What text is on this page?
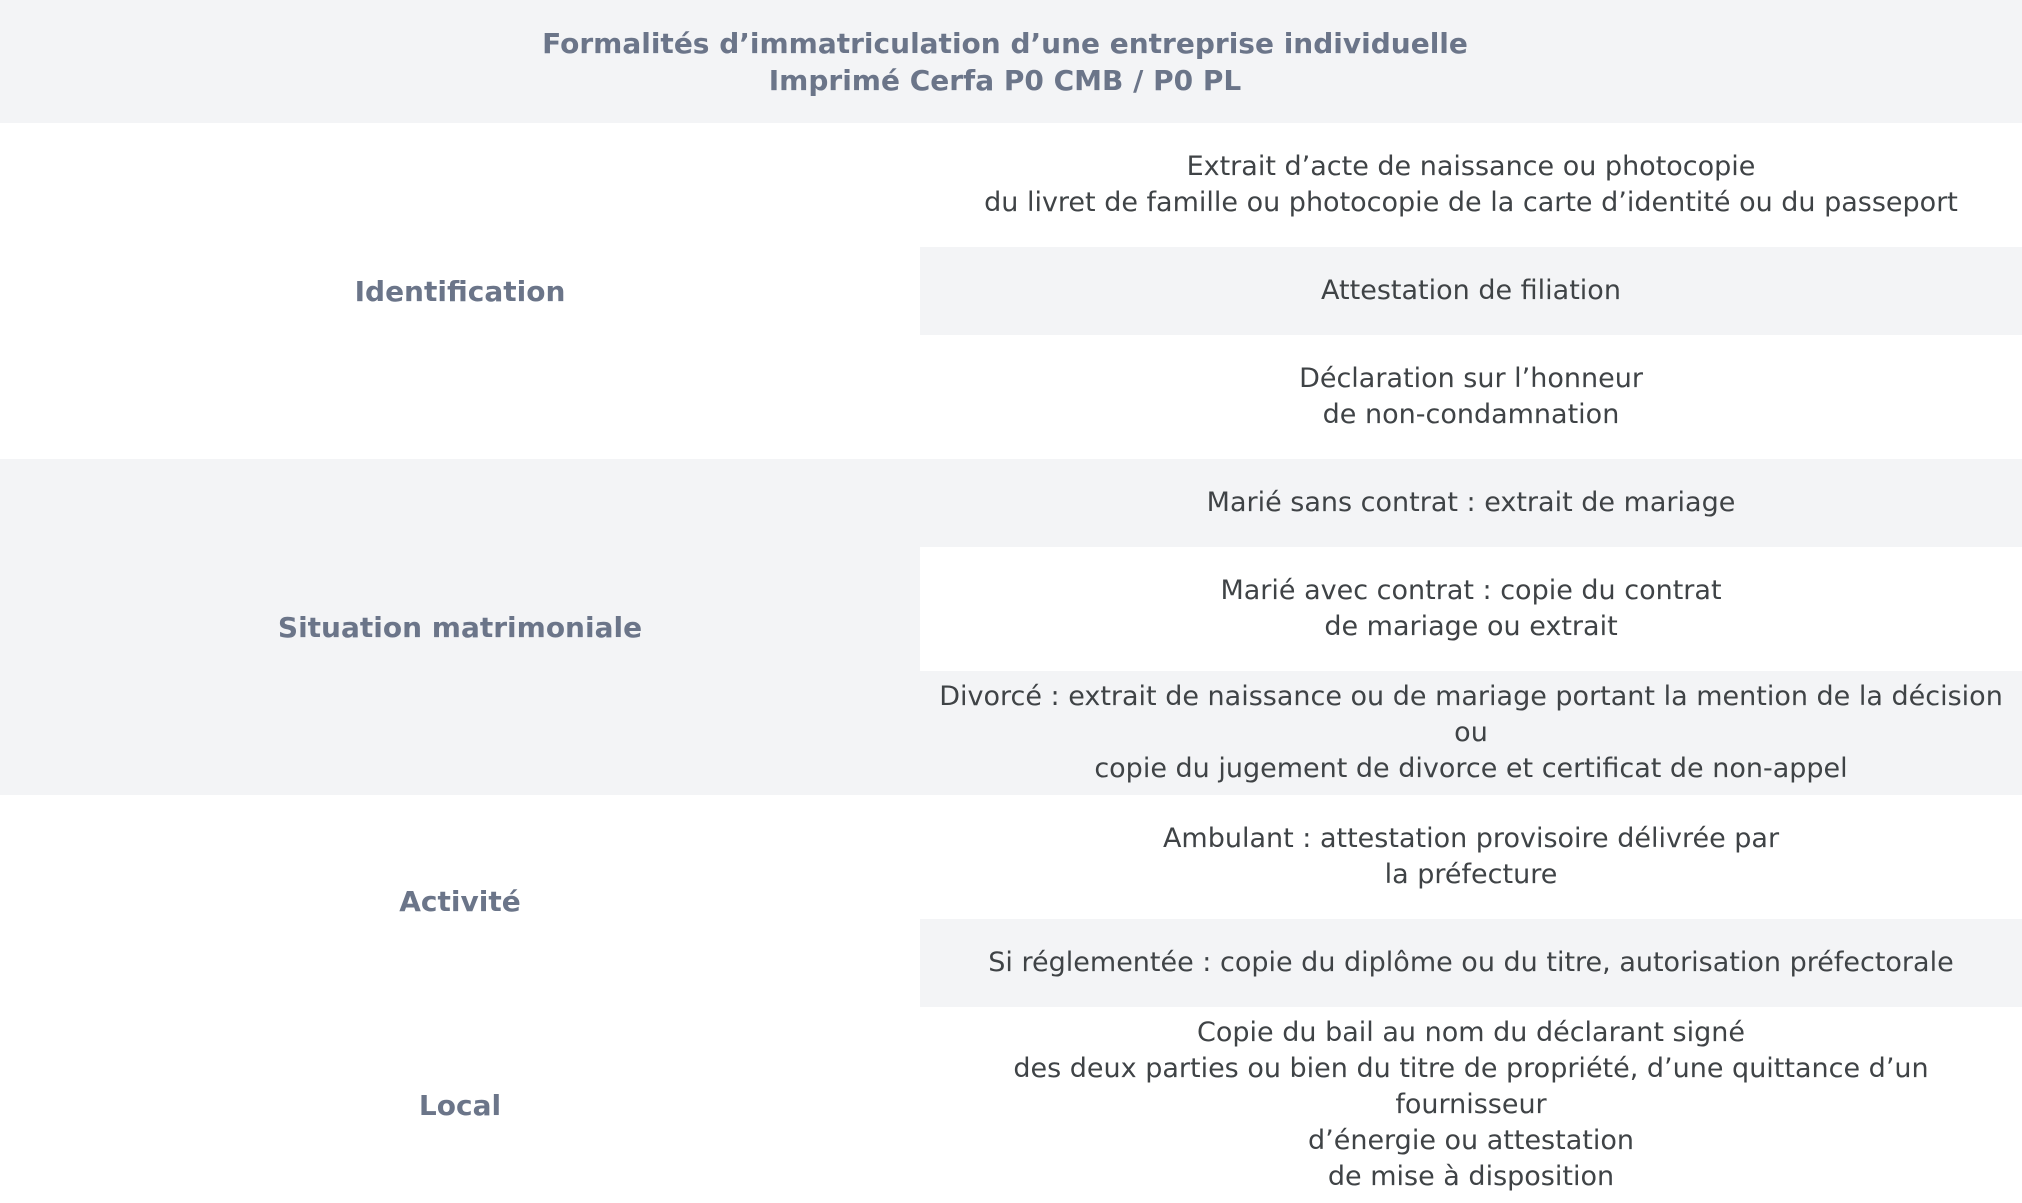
Formalités d’immatriculation d’une entreprise individuelle
Imprimé Cerfa P0 CMB / P0 PL
Identification
Extrait d’acte de naissance ou photocopie
du livret de famille ou photocopie de la carte d’identité ou du passeport
Attestation de filiation
Déclaration sur l’honneur
de non-condamnation
Situation matrimoniale
Marié sans contrat : extrait de mariage
Marié avec contrat : copie du contrat
de mariage ou extrait
Divorcé : extrait de naissance ou de mariage portant la mention de la décision ou
copie du jugement de divorce et certificat de non-appel
Activité
Ambulant : attestation provisoire délivrée par
la préfecture
Si réglementée : copie du diplôme ou du titre, autorisation préfectorale
Local
Copie du bail au nom du déclarant signé
des deux parties ou bien du titre de propriété, d’une quittance d’un fournisseur
d’énergie ou attestation
de mise à disposition
